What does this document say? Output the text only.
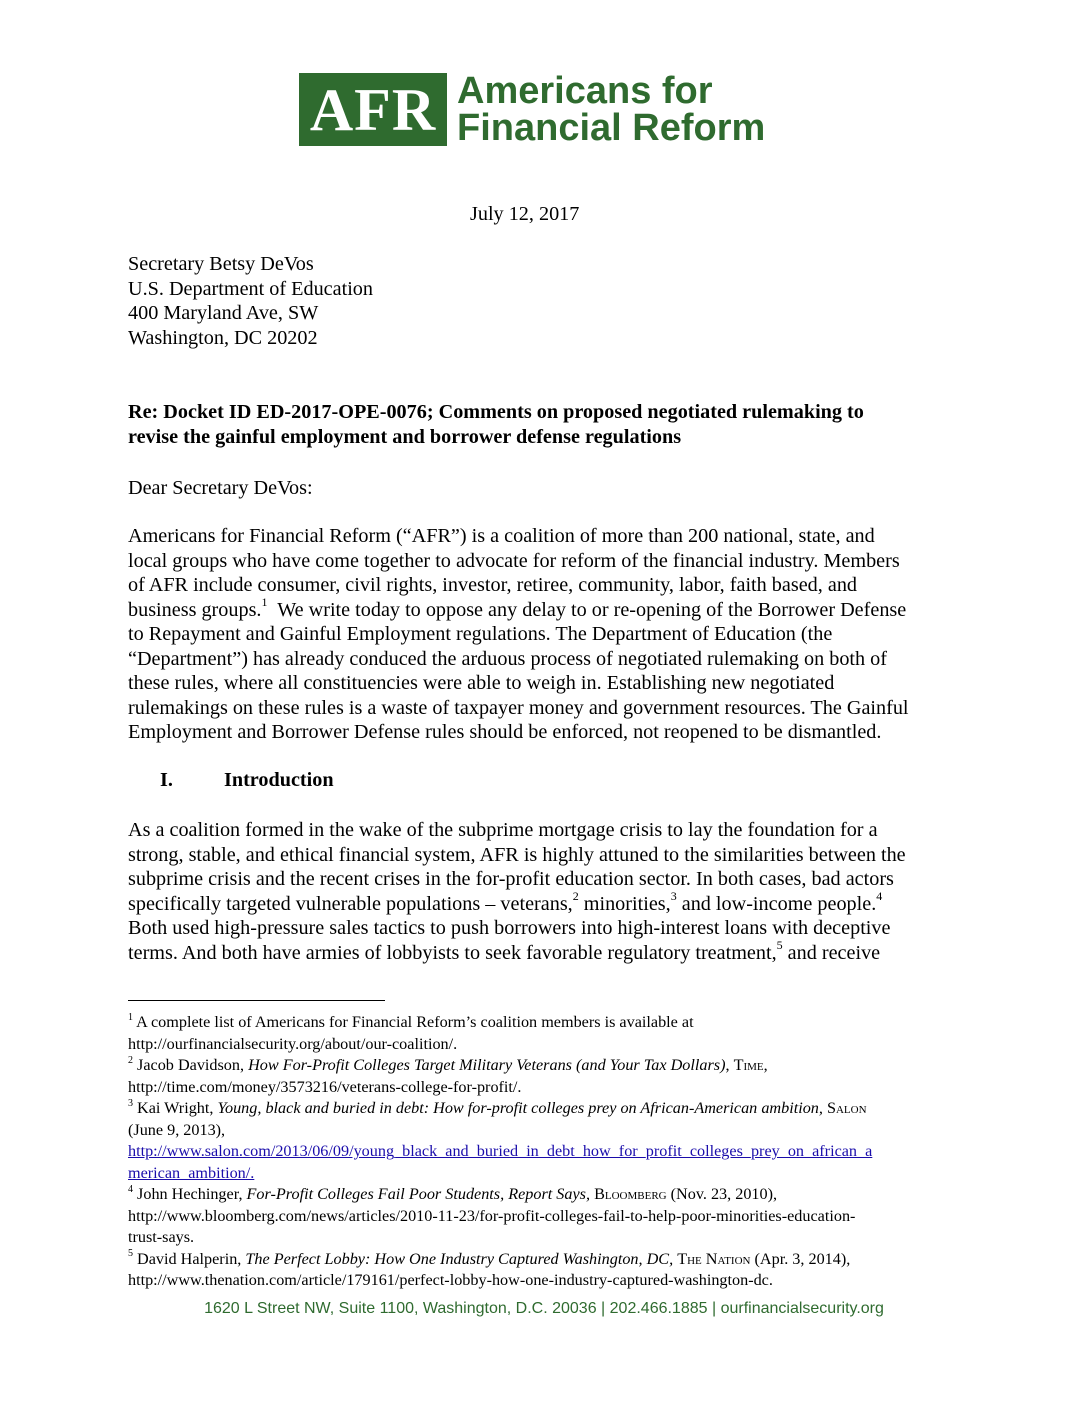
AFR Americans for
Financial Reform
July 12, 2017
Secretary Betsy DeVos
U.S. Department of Education
400 Maryland Ave, SW
Washington, DC 20202
Re: Docket ID ED-2017-OPE-0076; Comments on proposed negotiated rulemaking to
revise the gainful employment and borrower defense regulations
Dear Secretary DeVos:
Americans for Financial Reform (“AFR”) is a coalition of more than 200 national, state, and
local groups who have come together to advocate for reform of the financial industry. Members
of AFR include consumer, civil rights, investor, retiree, community, labor, faith based, and
business groups.$^1$ We write today to oppose any delay to or re-opening of the Borrower Defense
to Repayment and Gainful Employment regulations. The Department of Education (the
“Department”) has already conduced the arduous process of negotiated rulemaking on both of
these rules, where all constituencies were able to weigh in. Establishing new negotiated
rulemakings on these rules is a waste of taxpayer money and government resources. The Gainful
Employment and Borrower Defense rules should be enforced, not reopened to be dismantled.
I.	Introduction
As a coalition formed in the wake of the subprime mortgage crisis to lay the foundation for a
strong, stable, and ethical financial system, AFR is highly attuned to the similarities between the
subprime crisis and the recent crises in the for-profit education sector. In both cases, bad actors
specifically targeted vulnerable populations – veterans,$^2$ minorities,$^3$ and low-income people.$^4$
Both used high-pressure sales tactics to push borrowers into high-interest loans with deceptive
terms. And both have armies of lobbyists to seek favorable regulatory treatment,$^5$ and receive
$^1$ A complete list of Americans for Financial Reform’s coalition members is available at
http://ourfinancialsecurity.org/about/our-coalition/.
$^2$ Jacob Davidson, How For-Profit Colleges Target Military Veterans (and Your Tax Dollars), Time,
http://time.com/money/3573216/veterans-college-for-profit/.
$^3$ Kai Wright, Young, black and buried in debt: How for-profit colleges prey on African-American ambition, Salon
(June 9, 2013),
http://www.salon.com/2013/06/09/young_black_and_buried_in_debt_how_for_profit_colleges_prey_on_african_a
merican_ambition/.
$^4$ John Hechinger, For-Profit Colleges Fail Poor Students, Report Says, Bloomberg (Nov. 23, 2010),
http://www.bloomberg.com/news/articles/2010-11-23/for-profit-colleges-fail-to-help-poor-minorities-education-
trust-says.
$^5$ David Halperin, The Perfect Lobby: How One Industry Captured Washington, DC, The Nation (Apr. 3, 2014),
http://www.thenation.com/article/179161/perfect-lobby-how-one-industry-captured-washington-dc.
1620 L Street NW, Suite 1100, Washington, D.C. 20036 | 202.466.1885 | ourfinancialsecurity.org
